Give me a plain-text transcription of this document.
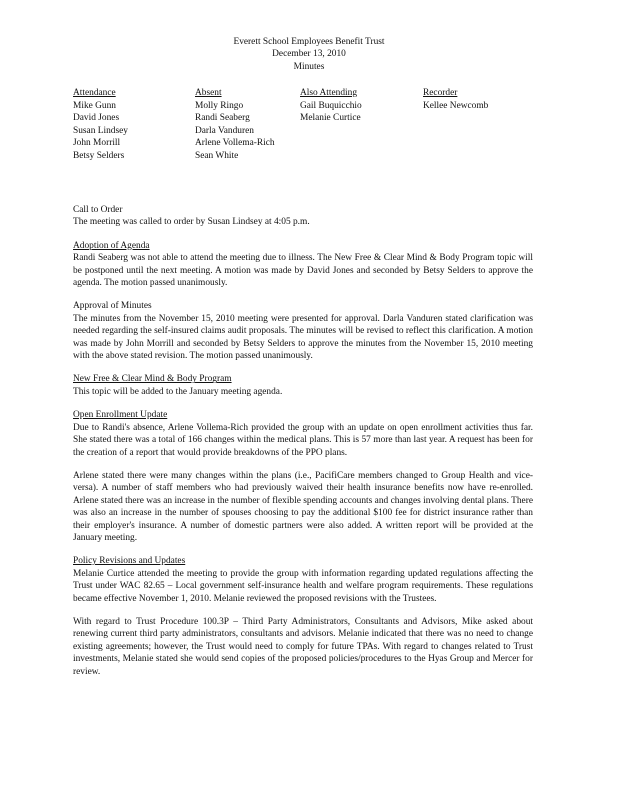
Everett School Employees Benefit Trust
December 13, 2010
Minutes
Attendance
Mike Gunn
David Jones
Susan Lindsey
John Morrill
Betsy Selders
Absent
Molly Ringo
Randi Seaberg
Darla Vanduren
Arlene Vollema-Rich
Sean White
Also Attending
Gail Buquicchio
Melanie Curtice
Recorder
Kellee Newcomb
Call to Order

The meeting was called to order by Susan Lindsey at 4:05 p.m.

Adoption of Agenda

Randi Seaberg was not able to attend the meeting due to illness. The New Free & Clear Mind & Body Program topic will be postponed until the next meeting. A motion was made by David Jones and seconded by Betsy Selders to approve the agenda. The motion passed unanimously.

Approval of Minutes

The minutes from the November 15, 2010 meeting were presented for approval. Darla Vanduren stated clarification was needed regarding the self-insured claims audit proposals. The minutes will be revised to reflect this clarification. A motion was made by John Morrill and seconded by Betsy Selders to approve the minutes from the November 15, 2010 meeting with the above stated revision. The motion passed unanimously.

New Free & Clear Mind & Body Program

This topic will be added to the January meeting agenda.

Open Enrollment Update

Due to Randi's absence, Arlene Vollema-Rich provided the group with an update on open enrollment activities thus far. She stated there was a total of 166 changes within the medical plans. This is 57 more than last year. A request has been for the creation of a report that would provide breakdowns of the PPO plans.

Arlene stated there were many changes within the plans (i.e., PacifiCare members changed to Group Health and vice-versa). A number of staff members who had previously waived their health insurance benefits now have re-enrolled. Arlene stated there was an increase in the number of flexible spending accounts and changes involving dental plans. There was also an increase in the number of spouses choosing to pay the additional $100 fee for district insurance rather than their employer's insurance. A number of domestic partners were also added. A written report will be provided at the January meeting.

Policy Revisions and Updates

Melanie Curtice attended the meeting to provide the group with information regarding updated regulations affecting the Trust under WAC 82.65 – Local government self-insurance health and welfare program requirements. These regulations became effective November 1, 2010. Melanie reviewed the proposed revisions with the Trustees.

With regard to Trust Procedure 100.3P – Third Party Administrators, Consultants and Advisors, Mike asked about renewing current third party administrators, consultants and advisors. Melanie indicated that there was no need to change existing agreements; however, the Trust would need to comply for future TPAs. With regard to changes related to Trust investments, Melanie stated she would send copies of the proposed policies/procedures to the Hyas Group and Mercer for review.
